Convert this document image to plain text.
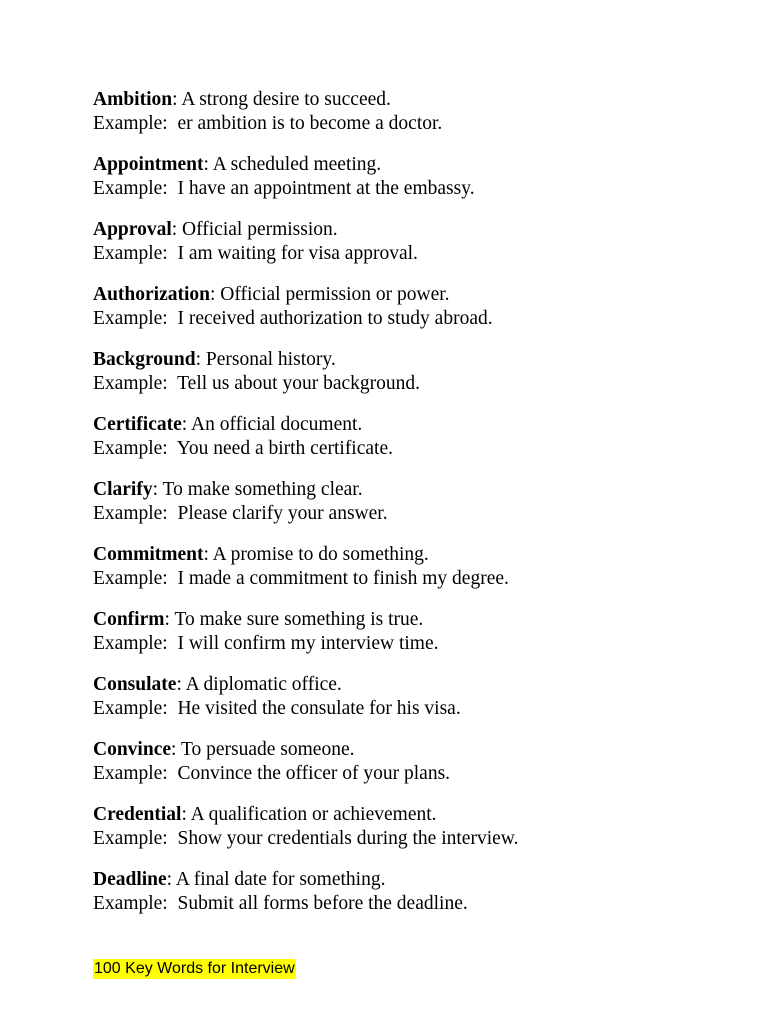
Ambition: A strong desire to succeed.
Example:  er ambition is to become a doctor.
Appointment: A scheduled meeting.
Example:  I have an appointment at the embassy.
Approval: Official permission.
Example:  I am waiting for visa approval.
Authorization: Official permission or power.
Example:  I received authorization to study abroad.
Background: Personal history.
Example:  Tell us about your background.
Certificate: An official document.
Example:  You need a birth certificate.
Clarify: To make something clear.
Example:  Please clarify your answer.
Commitment: A promise to do something.
Example:  I made a commitment to finish my degree.
Confirm: To make sure something is true.
Example:  I will confirm my interview time.
Consulate: A diplomatic office.
Example:  He visited the consulate for his visa.
Convince: To persuade someone.
Example:  Convince the officer of your plans.
Credential: A qualification or achievement.
Example:  Show your credentials during the interview.
Deadline: A final date for something.
Example:  Submit all forms before the deadline.
100 Key Words for Interview
